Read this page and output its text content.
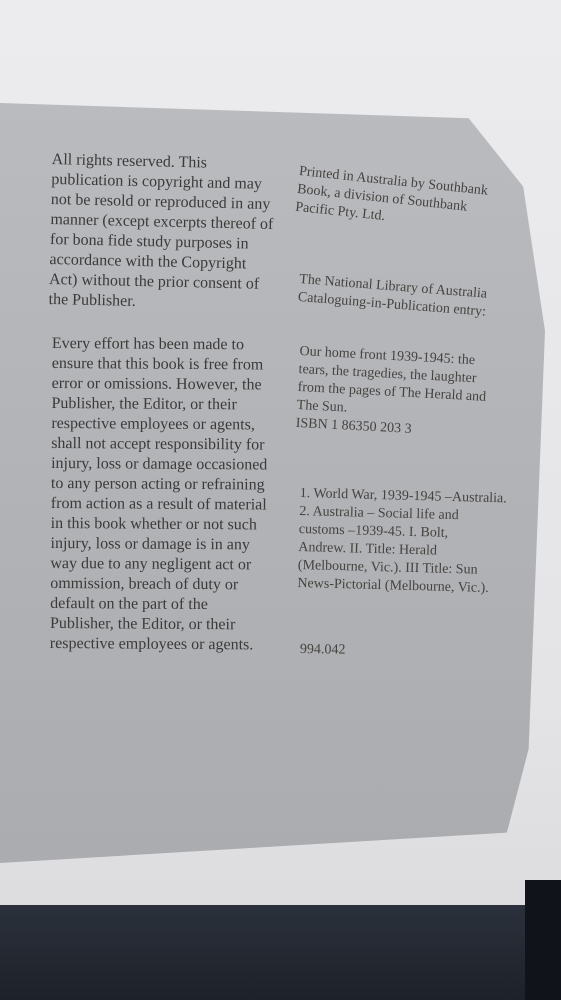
All rights reserved. This
publication is copyright and may
not be resold or reproduced in any
manner (except excerpts thereof of
for bona fide study purposes in
accordance with the Copyright
Act) without the prior consent of
the Publisher.

Every effort has been made to
ensure that this book is free from
error or omissions. However, the
Publisher, the Editor, or their
respective employees or agents,
shall not accept responsibility for
injury, loss or damage occasioned
to any person acting or refraining
from action as a result of material
in this book whether or not such
injury, loss or damage is in any
way due to any negligent act or
ommission, breach of duty or
default on the part of the
Publisher, the Editor, or their
respective employees or agents.

Printed in Australia by Southbank
Book, a division of Southbank
Pacific Pty. Ltd.

The National Library of Australia
Cataloguing-in-Publication entry:

Our home front 1939-1945: the
tears, the tragedies, the laughter
from the pages of The Herald and
The Sun.
ISBN 1 86350 203 3

1. World War, 1939-1945 –Australia.
2. Australia – Social life and
customs –1939-45. I. Bolt,
Andrew. II. Title: Herald
(Melbourne, Vic.). III Title: Sun
News-Pictorial (Melbourne, Vic.).

994.042
